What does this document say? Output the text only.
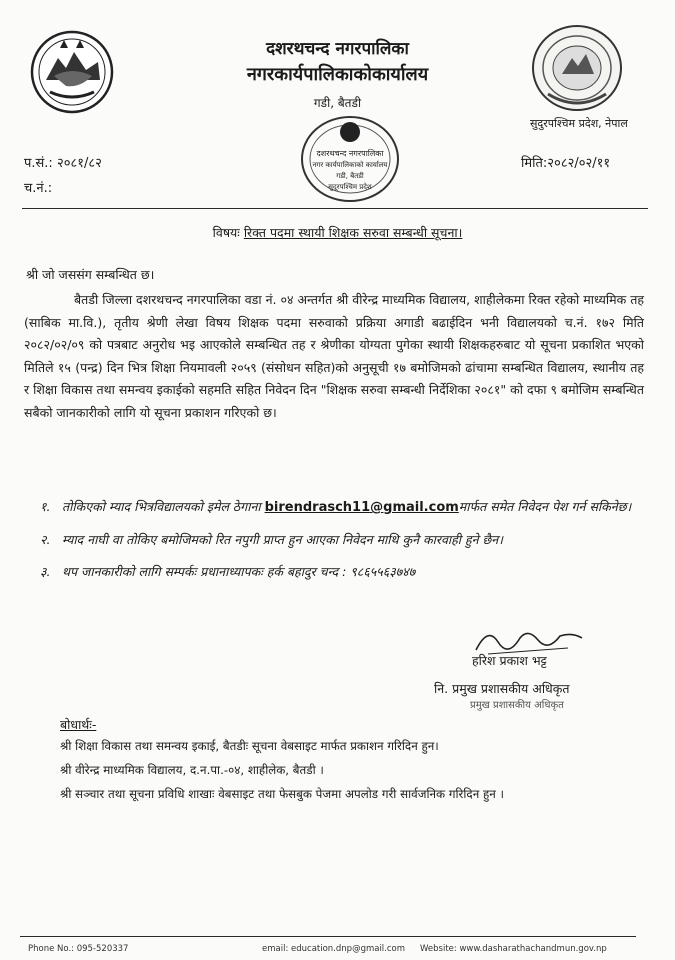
दशरथचन्द नगरपालिका
नगरकार्यपालिकाकोकार्यालय
गडी, बैतडी
सुदुरपश्चिम प्रदेश, नेपाल
प.सं.: २०८१/८२
च.नं.:
मिति:२०८२/०२/११
दशरथचन्द नगरपालिका
नगर कार्यपालिकाको कार्यालय
गडी, बैतडी
सुदूरपश्चिम प्रदेश
विषयः रिक्त पदमा स्थायी शिक्षक सरुवा सम्बन्धी सूचना।
श्री जो जससंग सम्बन्धित छ।
बैतडी जिल्ला दशरथचन्द नगरपालिका वडा नं. ०४ अन्तर्गत श्री वीरेन्द्र माध्यमिक विद्यालय, शाहीलेकमा रिक्त रहेको माध्यमिक तह (साबिक मा.वि.), तृतीय श्रेणी लेखा विषय शिक्षक पदमा सरुवाको प्रक्रिया अगाडी बढाईदिन भनी विद्यालयको च.नं. १७२ मिति २०८२/०२/०९ को पत्रबाट अनुरोध भइ आएकोले सम्बन्धित तह र श्रेणीका योग्यता पुगेका स्थायी शिक्षकहरुबाट यो सूचना प्रकाशित भएको मितिले १५ (पन्द्र) दिन भित्र शिक्षा नियमावली २०५९ (संसोधन सहित)को अनुसूची १७ बमोजिमको ढांचामा सम्बन्धित विद्यालय, स्थानीय तह र शिक्षा विकास तथा समन्वय इकाईको सहमति सहित निवेदन दिन "शिक्षक सरुवा सम्बन्धी निर्देशिका २०८१" को दफा ९ बमोजिम सम्बन्धित सबैको जानकारीको लागि यो सूचना प्रकाशन गरिएको छ।
१. तोकिएको म्याद भित्रविद्यालयको इमेल ठेगाना birendrasch11@gmail.comमार्फत समेत निवेदन पेश गर्न सकिनेछ।
२. म्याद नाघी वा तोकिए बमोजिमको रित नपुगी प्राप्त हुन आएका निवेदन माथि कुनै कारवाही हुने छैन।
३. थप जानकारीको लागि सम्पर्कः प्रधानाध्यापकः हर्क बहादुर चन्द : ९८६५५६३७४७
हरिश प्रकाश भट्ट
नि. प्रमुख प्रशासकीय अधिकृत
प्रमुख प्रशासकीय अधिकृत
बोधार्थः-
श्री शिक्षा विकास तथा समन्वय इकाई, बैतडीः सूचना वेबसाइट मार्फत प्रकाशन गरिदिन हुन।
श्री वीरेन्द्र माध्यमिक विद्यालय, द.न.पा.-०४, शाहीलेक, बैतडी ।
श्री सञ्चार तथा सूचना प्रविधि शाखाः वेबसाइट तथा फेसबुक पेजमा अपलोड गरी सार्वजनिक गरिदिन हुन ।
Phone No.: 095-520337	email: education.dnp@gmail.com Website: www.dasharathachandmun.gov.np
